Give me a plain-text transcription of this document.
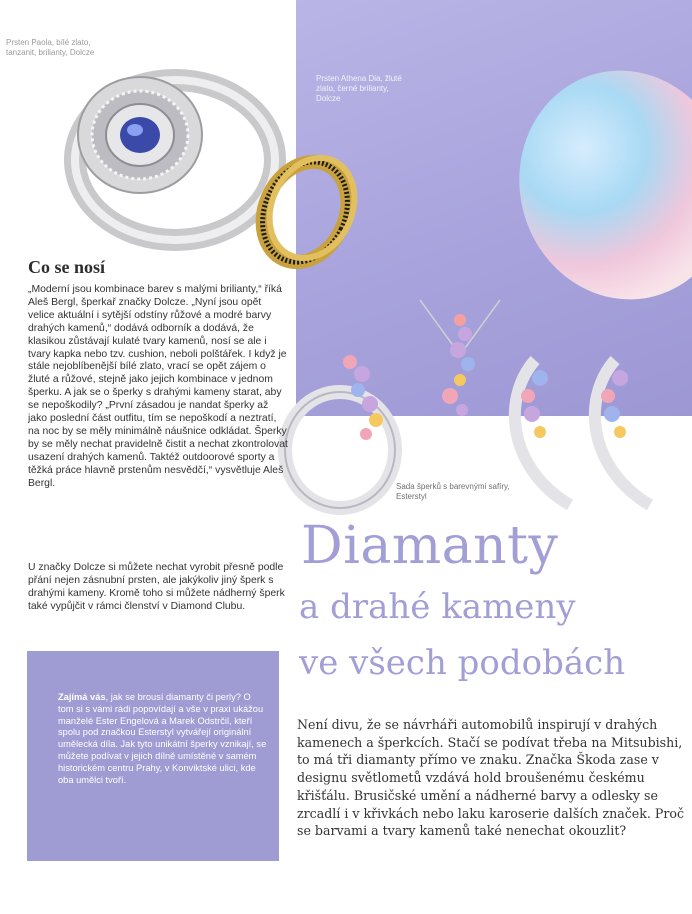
Prsten Paola, bílé zlato, tanzanit, brilianty, Dolcze
Prsten Athena Dia, žluté zlato, černé brilianty, Dolcze
Sada šperků s barevnými safíry, Esterstyl
Co se nosí
„Moderní jsou kombinace barev s malými brilianty,“ říká Aleš Bergl, šperkař značky Dolcze. „Nyní jsou opět velice aktuální i sytější odstíny růžové a modré barvy drahých kamenů,“ dodává odborník a dodává, že klasikou zůstávají kulaté tvary kamenů, nosí se ale i tvary kapka nebo tzv. cushion, neboli polštářek. I když je stále nejoblíbenější bílé zlato, vrací se opět zájem o žluté a růžové, stejně jako jejich kombinace v jednom šperku. A jak se o šperky s drahými kameny starat, aby se nepoškodily? „První zásadou je nandat šperky až jako poslední část outfitu, tím se nepoškodí a neztratí, na noc by se měly minimálně náušnice odkládat. Šperky by se měly nechat pravidelně čistit a nechat zkontrolovat usazení drahých kamenů. Taktéž outdoorové sporty a těžká práce hlavně prstenům nesvědčí,“ vysvětluje Aleš Bergl.
U značky Dolcze si můžete nechat vyrobit přesně podle přání nejen zásnubní prsten, ale jakýkoliv jiný šperk s drahými kameny. Kromě toho si můžete nádherný šperk také vypůjčit v rámci členství v Diamond Clubu.
Zajímá vás, jak se brousí diamanty či perly? O tom si s vámi rádi popovídají a vše v praxi ukážou manželé Ester Engelová a Marek Odstrčil, kteří spolu pod značkou Esterstyl vytvářejí originální umělecká díla. Jak tyto unikátní šperky vznikají, se můžete podívat v jejich dílně umístěné v samém historickém centru Prahy, v Konviktské ulici, kde oba umělci tvoří.
Diamanty
a drahé kameny
ve všech podobách
Není divu, že se návrháři automobilů inspirují v drahých kamenech a šperkcích. Stačí se podívat třeba na Mitsubishi, to má tři diamanty přímo ve znaku. Značka Škoda zase v designu světlometů vzdává hold broušenému českému křišťálu. Brusičské umění a nádherné barvy a odlesky se zrcadlí i v křivkách nebo laku karoserie dalších značek. Proč se barvami a tvary kamenů také nenechat okouzlit?
